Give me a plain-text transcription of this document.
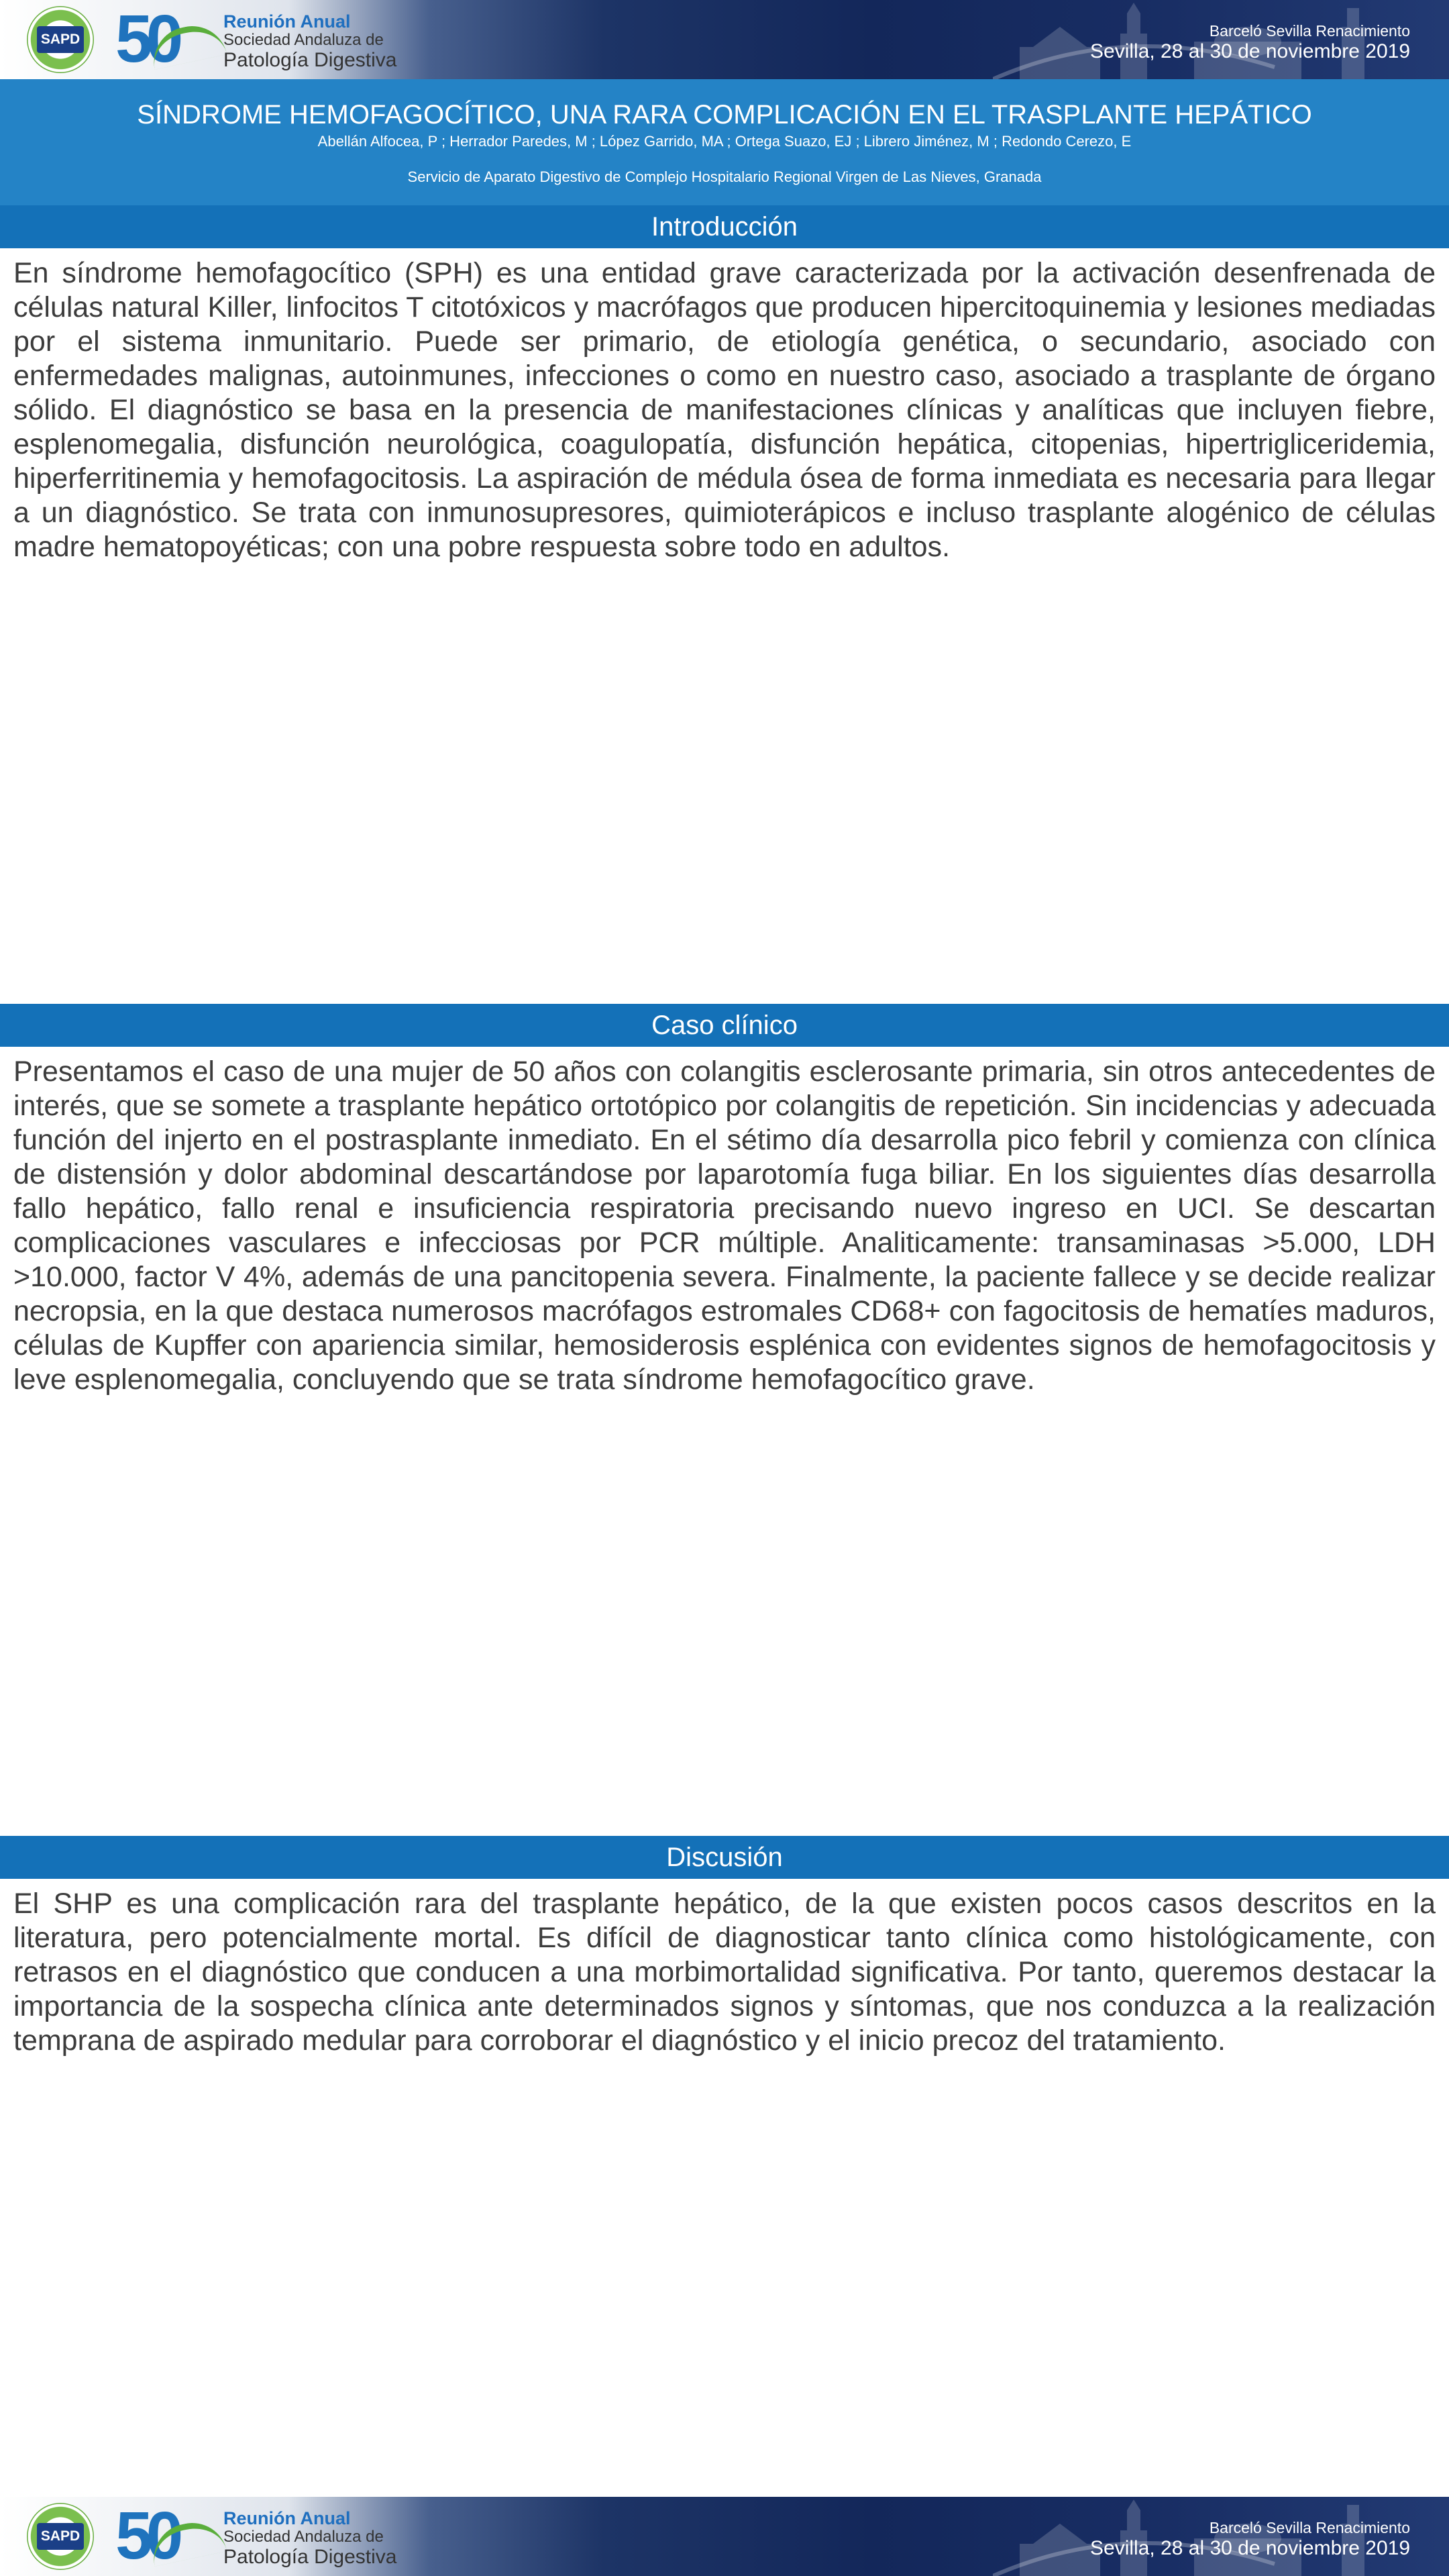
SAPD 50	Reunión Anual
Sociedad Andaluza de
Patología Digestiva
Barceló Sevilla Renacimiento
Sevilla, 28 al 30 de noviembre 2019
SÍNDROME HEMOFAGOCÍTICO, UNA RARA COMPLICACIÓN EN EL TRASPLANTE HEPÁTICO
Abellán Alfocea, P ; Herrador Paredes, M ; López Garrido, MA ; Ortega Suazo, EJ ; Librero Jiménez, M ; Redondo Cerezo, E
Servicio de Aparato Digestivo de Complejo Hospitalario Regional Virgen de Las Nieves, Granada
Introducción
En síndrome hemofagocítico (SPH) es una entidad grave caracterizada por la activación desenfrenada de células natural Killer, linfocitos T citotóxicos y macrófagos que producen hipercitoquinemia y lesiones mediadas por el sistema inmunitario. Puede ser primario, de etiología genética, o secundario, asociado con enfermedades malignas, autoinmunes, infecciones o como en nuestro caso, asociado a trasplante de órgano sólido. El diagnóstico se basa en la presencia de manifestaciones clínicas y analíticas que incluyen fiebre, esplenomegalia, disfunción neurológica, coagulopatía, disfunción hepática, citopenias, hipertrigliceridemia, hiperferritinemia y hemofagocitosis. La aspiración de médula ósea de forma inmediata es necesaria para llegar a un diagnóstico. Se trata con inmunosupresores, quimioterápicos e incluso trasplante alogénico de células madre hematopoyéticas; con una pobre respuesta sobre todo en adultos.
Caso clínico
Presentamos el caso de una mujer de 50 años con colangitis esclerosante primaria, sin otros antecedentes de interés, que se somete a trasplante hepático ortotópico por colangitis de repetición. Sin incidencias y adecuada función del injerto en el postrasplante inmediato. En el sétimo día desarrolla pico febril y comienza con clínica de distensión y dolor abdominal descartándose por laparotomía fuga biliar. En los siguientes días desarrolla fallo hepático, fallo renal e insuficiencia respiratoria precisando nuevo ingreso en UCI. Se descartan complicaciones vasculares e infecciosas por PCR múltiple. Analiticamente: transaminasas >5.000, LDH >10.000, factor V 4%, además de una pancitopenia severa. Finalmente, la paciente fallece y se decide realizar necropsia, en la que destaca numerosos macrófagos estromales CD68+ con fagocitosis de hematíes maduros, células de Kupffer con apariencia similar, hemosiderosis esplénica con evidentes signos de hemofagocitosis y leve esplenomegalia, concluyendo que se trata síndrome hemofagocítico grave.
Discusión
El SHP es una complicación rara del trasplante hepático, de la que existen pocos casos descritos en la literatura, pero potencialmente mortal. Es difícil de diagnosticar tanto clínica como histológicamente, con retrasos en el diagnóstico que conducen a una morbimortalidad significativa. Por tanto, queremos destacar la importancia de la sospecha clínica ante determinados signos y síntomas, que nos conduzca a la realización temprana de aspirado medular para corroborar el diagnóstico y el inicio precoz del tratamiento.
SAPD 50	Reunión Anual
Sociedad Andaluza de
Patología Digestiva
Barceló Sevilla Renacimiento
Sevilla, 28 al 30 de noviembre 2019
